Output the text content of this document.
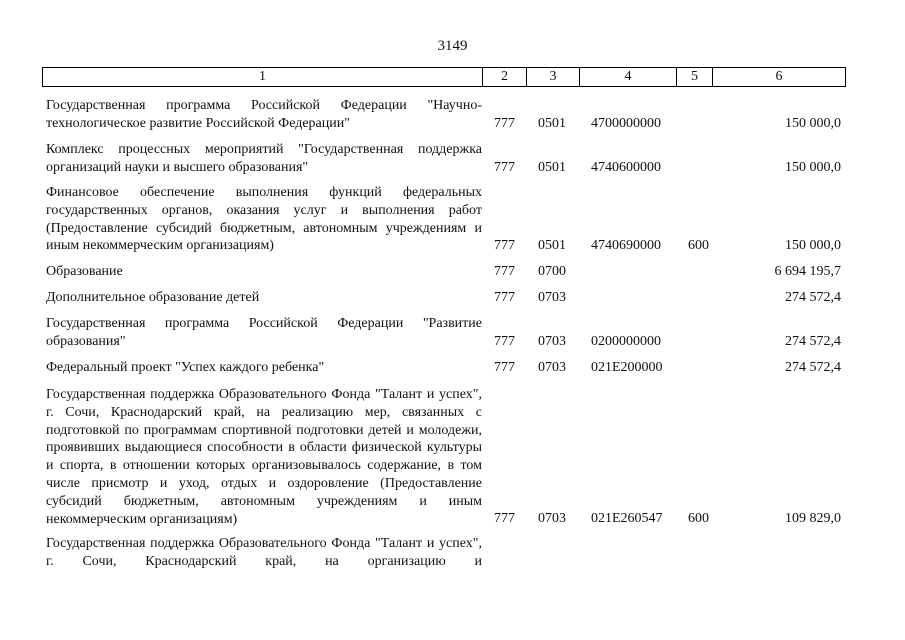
3149
1	2	3	4	5	6
Государственная программа Российской Федерации "Научно-технологическое развитие Российской Федерации"	777 0501 4700000000	150 000,0
Комплекс процессных мероприятий "Государственная поддержка организаций науки и высшего образования"	777 0501 4740600000	150 000,0
Финансовое обеспечение выполнения функций федеральных государственных органов, оказания услуг и выполнения работ (Предоставление субсидий бюджетным, автономным учреждениям и иным некоммерческим организациям)	777 0501 4740690000 600	150 000,0
Образование	777 0700	6 694 195,7
Дополнительное образование детей	777 0703	274 572,4
Государственная программа Российской Федерации "Развитие образования"	777 0703 0200000000	274 572,4
Федеральный проект "Успех каждого ребенка"	777 0703 021Е200000	274 572,4
Государственная поддержка Образовательного Фонда "Талант и успех", г. Сочи, Краснодарский край, на реализацию мер, связанных с подготовкой по программам спортивной подготовки детей и молодежи, проявивших выдающиеся способности в области физической культуры и спорта, в отношении которых организовывалось содержание, в том числе присмотр и уход, отдых и оздоровление (Предоставление субсидий бюджетным, автономным учреждениям и иным некоммерческим организациям)	777 0703 021Е260547 600	109 829,0
Государственная поддержка Образовательного Фонда "Талант и успех", г. Сочи, Краснодарский край, на организацию и
